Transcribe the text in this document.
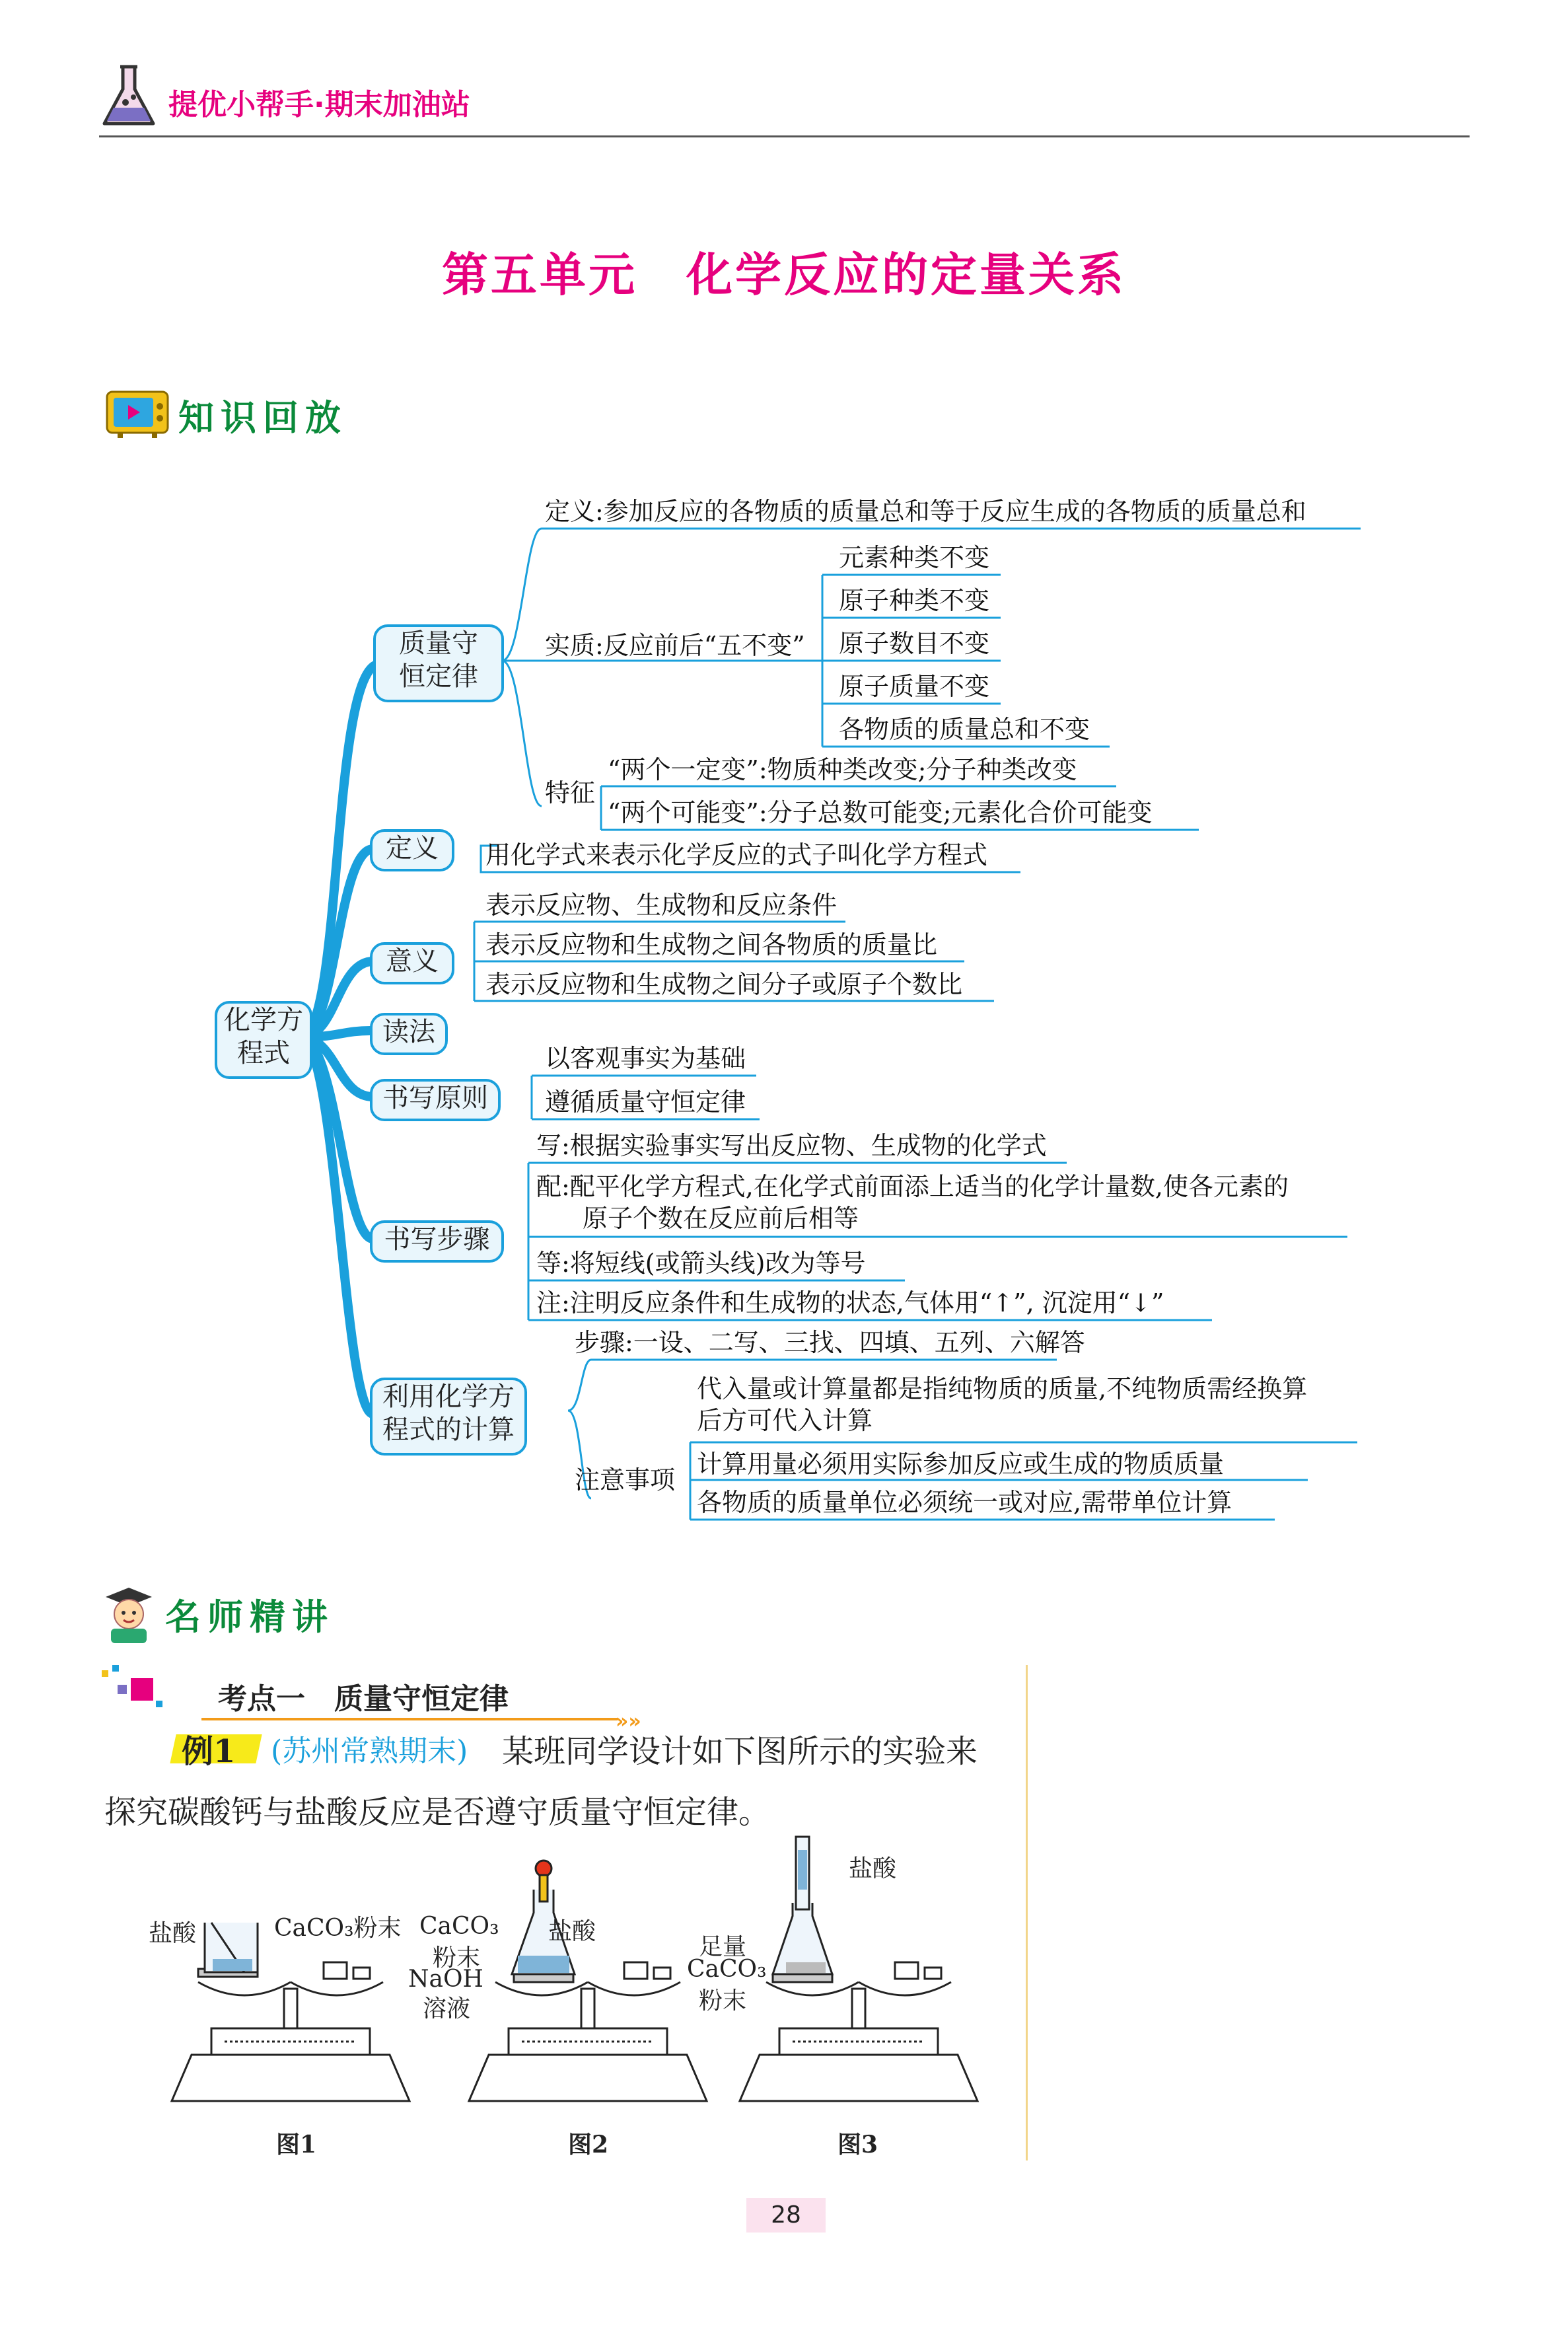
提优小帮手·期末加油站
第五单元　化学反应的定量关系
知识回放
质量守
恒定律
化学方
程式
定义
意义
读法
书写原则
书写步骤
利用化学方
程式的计算
定义:参加反应的各物质的质量总和等于反应生成的各物质的质量总和
实质:反应前后“五不变”
元素种类不变
原子种类不变
原子数目不变
原子质量不变
各物质的质量总和不变
特征
“两个一定变”:物质种类改变;分子种类改变
“两个可能变”:分子总数可能变;元素化合价可能变
用化学式来表示化学反应的式子叫化学方程式
表示反应物、生成物和反应条件
表示反应物和生成物之间各物质的质量比
表示反应物和生成物之间分子或原子个数比
以客观事实为基础
遵循质量守恒定律
写:根据实验事实写出反应物、生成物的化学式
配:配平化学方程式,在化学式前面添上适当的化学计量数,使各元素的
原子个数在反应前后相等
等:将短线(或箭头线)改为等号
注:注明反应条件和生成物的状态,气体用“↑”, 沉淀用“↓”
步骤:一设、二写、三找、四填、五列、六解答
注意事项
代入量或计算量都是指纯物质的质量,不纯物质需经换算
后方可代入计算
计算用量必须用实际参加反应或生成的物质质量
各物质的质量单位必须统一或对应,需带单位计算
名师精讲
考点一　质量守恒定律
»»
例1 (苏州常熟期末) 某班同学设计如下图所示的实验来
探究碳酸钙与盐酸反应是否遵守质量守恒定律。
盐酸	CaCO₃粉末 CaCO₃
粉末
NaOH
溶液
盐酸
盐酸
足量
CaCO₃
粉末
图1	图2	图3
28
